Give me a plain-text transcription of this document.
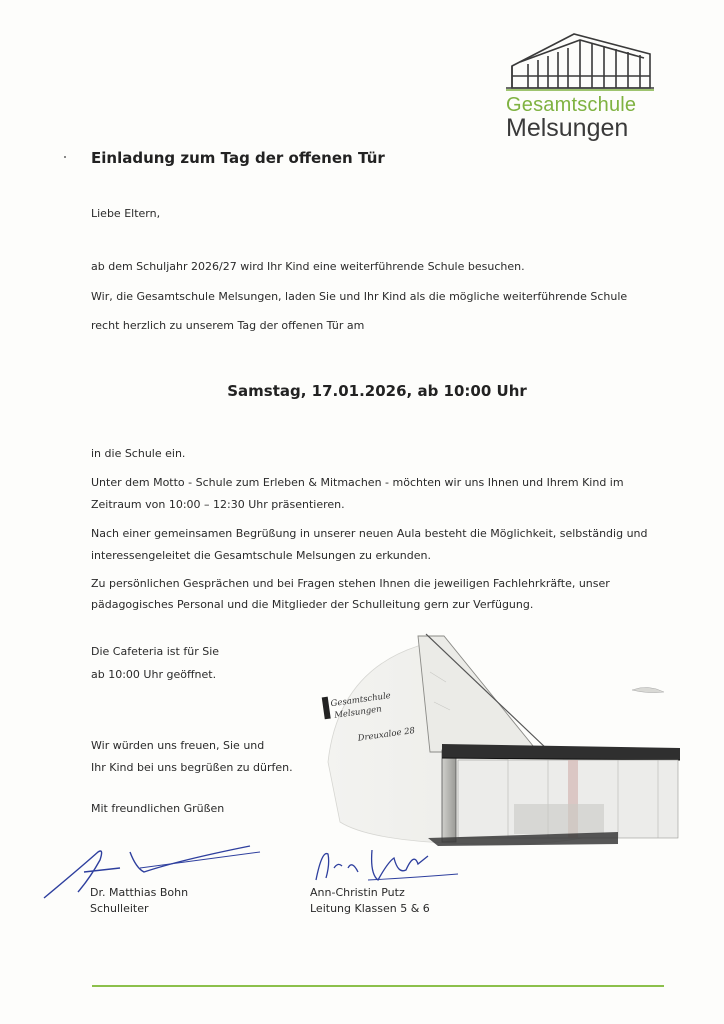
Gesamtschule
Melsungen
Einladung zum Tag der offenen Tür
Liebe Eltern,
ab dem Schuljahr 2026/27 wird Ihr Kind eine weiterführende Schule besuchen.
Wir, die Gesamtschule Melsungen, laden Sie und Ihr Kind als die mögliche weiterführende Schule
recht herzlich zu unserem Tag der offenen Tür am
Samstag, 17.01.2026, ab 10:00 Uhr
in die Schule ein.
Unter dem Motto - Schule zum Erleben & Mitmachen - möchten wir uns Ihnen und Ihrem Kind im
Zeitraum von 10:00 – 12:30 Uhr präsentieren.
Nach einer gemeinsamen Begrüßung in unserer neuen Aula besteht die Möglichkeit, selbständig und
interessengeleitet die Gesamtschule Melsungen zu erkunden.
Zu persönlichen Gesprächen und bei Fragen stehen Ihnen die jeweiligen Fachlehrkräfte, unser
pädagogisches Personal und die Mitglieder der Schulleitung gern zur Verfügung.
Die Cafeteria ist für Sie
ab 10:00 Uhr geöffnet.
Wir würden uns freuen, Sie und
Ihr Kind bei uns begrüßen zu dürfen.
Mit freundlichen Grüßen
Gesamtschule
Melsungen
Dreuxaloe 28
Dr. Matthias Bohn
Schulleiter
Ann-Christin Putz
Leitung Klassen 5 & 6
